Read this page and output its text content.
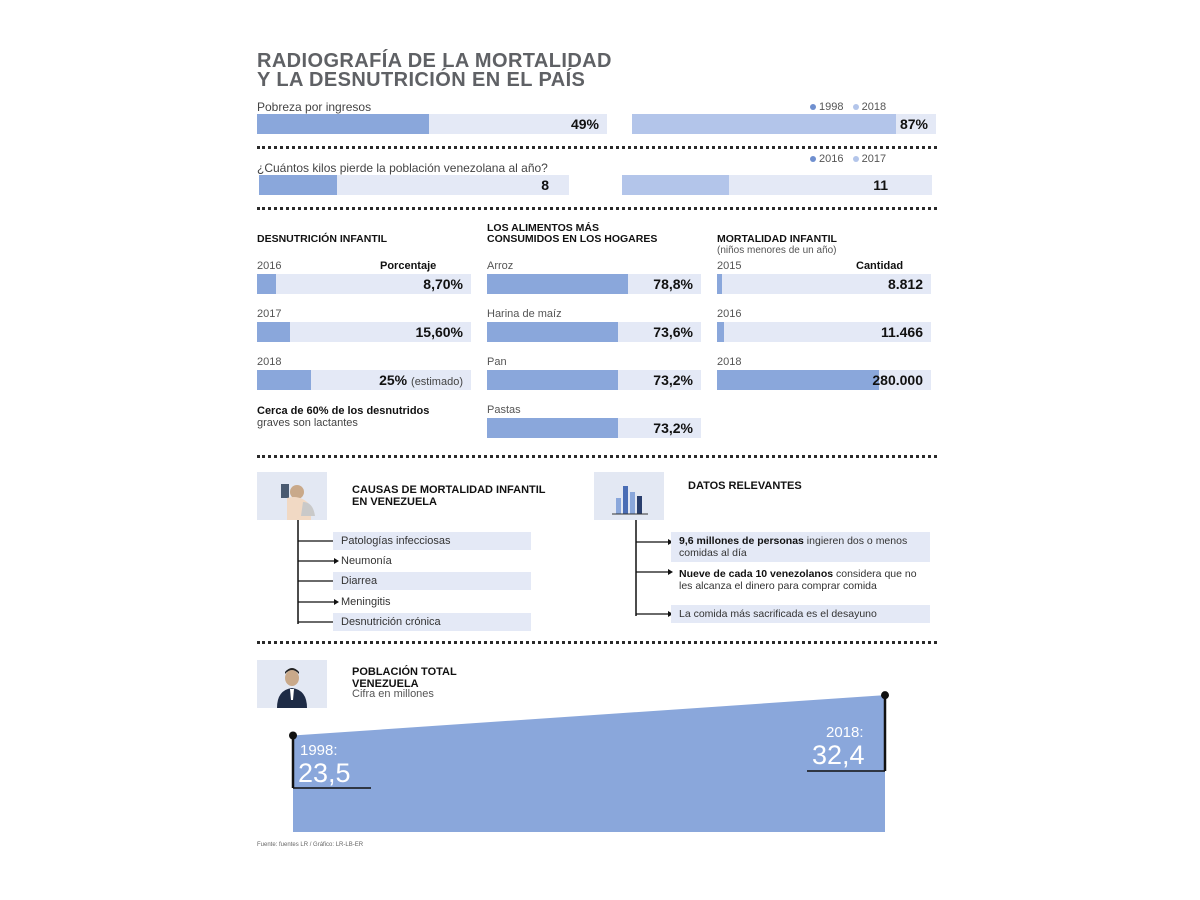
RADIOGRAFÍA DE LA MORTALIDAD
Y LA DESNUTRICIÓN EN EL PAÍS
Pobreza por ingresos	1998 2018
49%	87%
¿Cuántos kilos pierde la población venezolana al año?
2016 2017
8	11
DESNUTRICIÓN INFANTIL
2016	Porcentaje
8,70%
2017
15,60%
2018
25% (estimado)
Cerca de 60% de los desnutridos graves son lactantes
LOS ALIMENTOS MÁS CONSUMIDOS EN LOS HOGARES
Arroz
78,8%
Harina de maíz
73,6%
Pan
73,2%
Pastas
73,2%
MORTALIDAD INFANTIL
(niños menores de un año)
2015	Cantidad
8.812
2016
11.466
2018
280.000
CAUSAS DE MORTALIDAD INFANTIL EN VENEZUELA
Patologías infecciosas
Neumonía
Diarrea
Meningitis
Desnutrición crónica
DATOS RELEVANTES
9,6 millones de personas ingieren dos o menos comidas al día
Nueve de cada 10 venezolanos considera que no les alcanza el dinero para comprar comida
La comida más sacrificada es el desayuno
POBLACIÓN TOTAL VENEZUELA
Cifra en millones
1998:
23,5
2018:
32,4
Fuente: fuentes LR / Gráfico: LR-LB-ER
